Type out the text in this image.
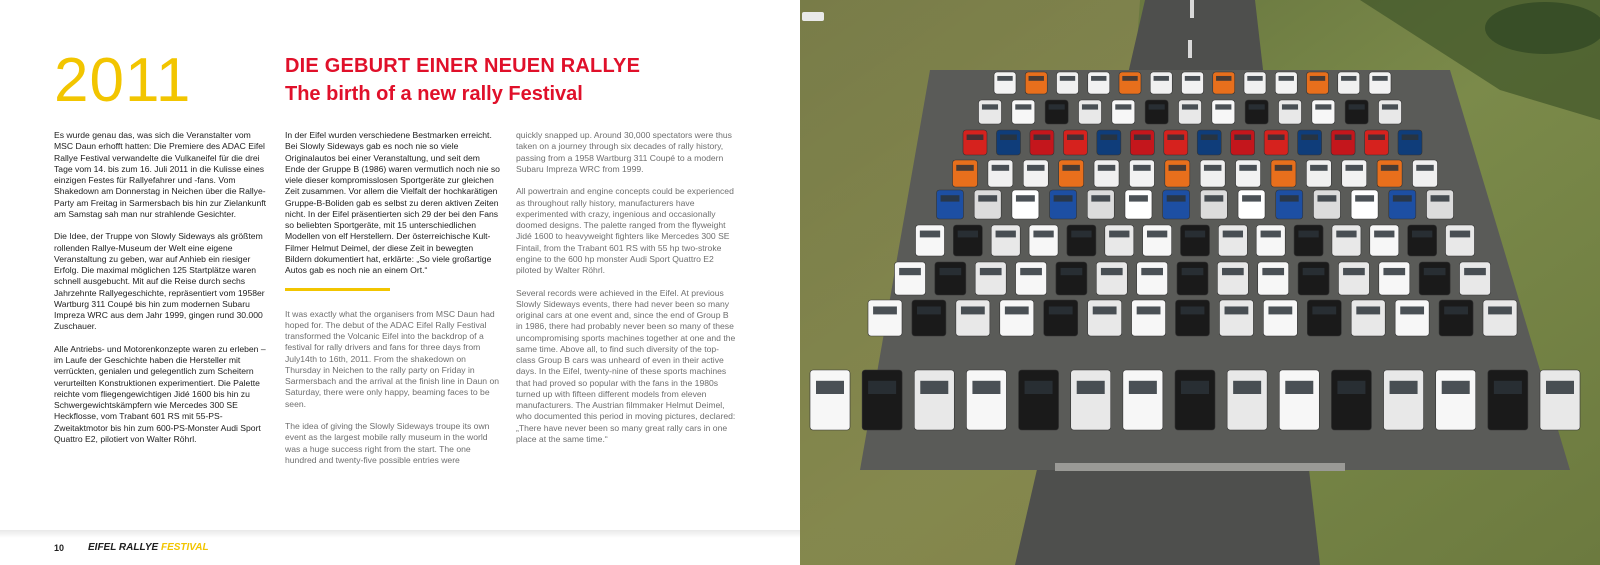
2011	DIE GEBURT EINER NEUEN RALLYE
The birth of a new rally Festival

Es wurde genau das, was sich die Veranstalter vom MSC Daun erhofft hatten: Die Premiere des ADAC Eifel Rallye Festival verwandelte die Vulkaneifel für die drei Tage vom 14. bis zum 16. Juli 2011 in die Kulisse eines einzigen Festes für Rallyefahrer und -fans. Vom Shakedown am Donnerstag in Neichen über die Rallye-Party am Freitag in Sarmersbach bis hin zur Zielankunft am Samstag sah man nur strahlende Gesichter.

Die Idee, der Truppe von Slowly Sideways als größtem rollenden Rallye-Museum der Welt eine eigene Veranstaltung zu geben, war auf Anhieb ein riesiger Erfolg. Die maximal möglichen 125 Startplätze waren schnell ausgebucht. Mit auf die Reise durch sechs Jahrzehnte Rallyegeschichte, repräsentiert vom 1958er Wartburg 311 Coupé bis hin zum modernen Subaru Impreza WRC aus dem Jahr 1999, gingen rund 30.000 Zuschauer.

Alle Antriebs- und Motorenkonzepte waren zu erleben – im Laufe der Geschichte haben die Hersteller mit verrückten, genialen und gelegentlich zum Scheitern verurteilten Konstruktionen experimentiert. Die Palette reichte vom fliegengewichtigen Jidé 1600 bis hin zu Schwergewichtskämpfern wie Mercedes 300 SE Heckflosse, vom Trabant 601 RS mit 55-PS-Zweitaktmotor bis hin zum 600-PS-Monster Audi Sport Quattro E2, pilotiert von Walter Röhrl.

In der Eifel wurden verschiedene Bestmarken erreicht. Bei Slowly Sideways gab es noch nie so viele Originalautos bei einer Veranstaltung, und seit dem Ende der Gruppe B (1986) waren vermutlich noch nie so viele dieser kompromisslosen Sportgeräte zur gleichen Zeit zusammen. Vor allem die Vielfalt der hochkarätigen Gruppe-B-Boliden gab es selbst zu deren aktiven Zeiten nicht. In der Eifel präsentierten sich 29 der bei den Fans so beliebten Sportgeräte, mit 15 unterschiedlichen Modellen von elf Herstellern. Der österreichische Kult-Filmer Helmut Deimel, der diese Zeit in bewegten Bildern dokumentiert hat, erklärte: „So viele großartige Autos gab es noch nie an einem Ort.“

It was exactly what the organisers from MSC Daun had hoped for. The debut of the ADAC Eifel Rally Festival transformed the Volcanic Eifel into the backdrop of a festival for rally drivers and fans for three days from July14th to 16th, 2011. From the shakedown on Thursday in Neichen to the rally party on Friday in Sarmersbach and the arrival at the finish line in Daun on Saturday, there were only happy, beaming faces to be seen.

The idea of giving the Slowly Sideways troupe its own event as the largest mobile rally museum in the world was a huge success right from the start. The one hundred and twenty-five possible entries were

quickly snapped up. Around 30,000 spectators were thus taken on a journey through six decades of rally history, passing from a 1958 Wartburg 311 Coupé to a modern Subaru Impreza WRC from 1999.

All powertrain and engine concepts could be experienced as throughout rally history, manufacturers have experimented with crazy, ingenious and occasionally doomed designs. The palette ranged from the flyweight Jidé 1600 to heavyweight fighters like Mercedes 300 SE Fintail, from the Trabant 601 RS with 55 hp two-stroke engine to the 600 hp monster Audi Sport Quattro E2 piloted by Walter Röhrl.

Several records were achieved in the Eifel. At previous Slowly Sideways events, there had never been so many original cars at one event and, since the end of Group B in 1986, there had probably never been so many of these uncompromising sports machines together at one and the same time. Above all, to find such diversity of the top-class Group B cars was unheard of even in their active days. In the Eifel, twenty-nine of these sports machines that had proved so popular with the fans in the 1980s turned up with fifteen different models from eleven manufacturers. The Austrian filmmaker Helmut Deimel, who documented this period in moving pictures, declared: „There have never been so many great rally cars in one place at the same time.“

10 EIFEL RALLYE FESTIVAL
